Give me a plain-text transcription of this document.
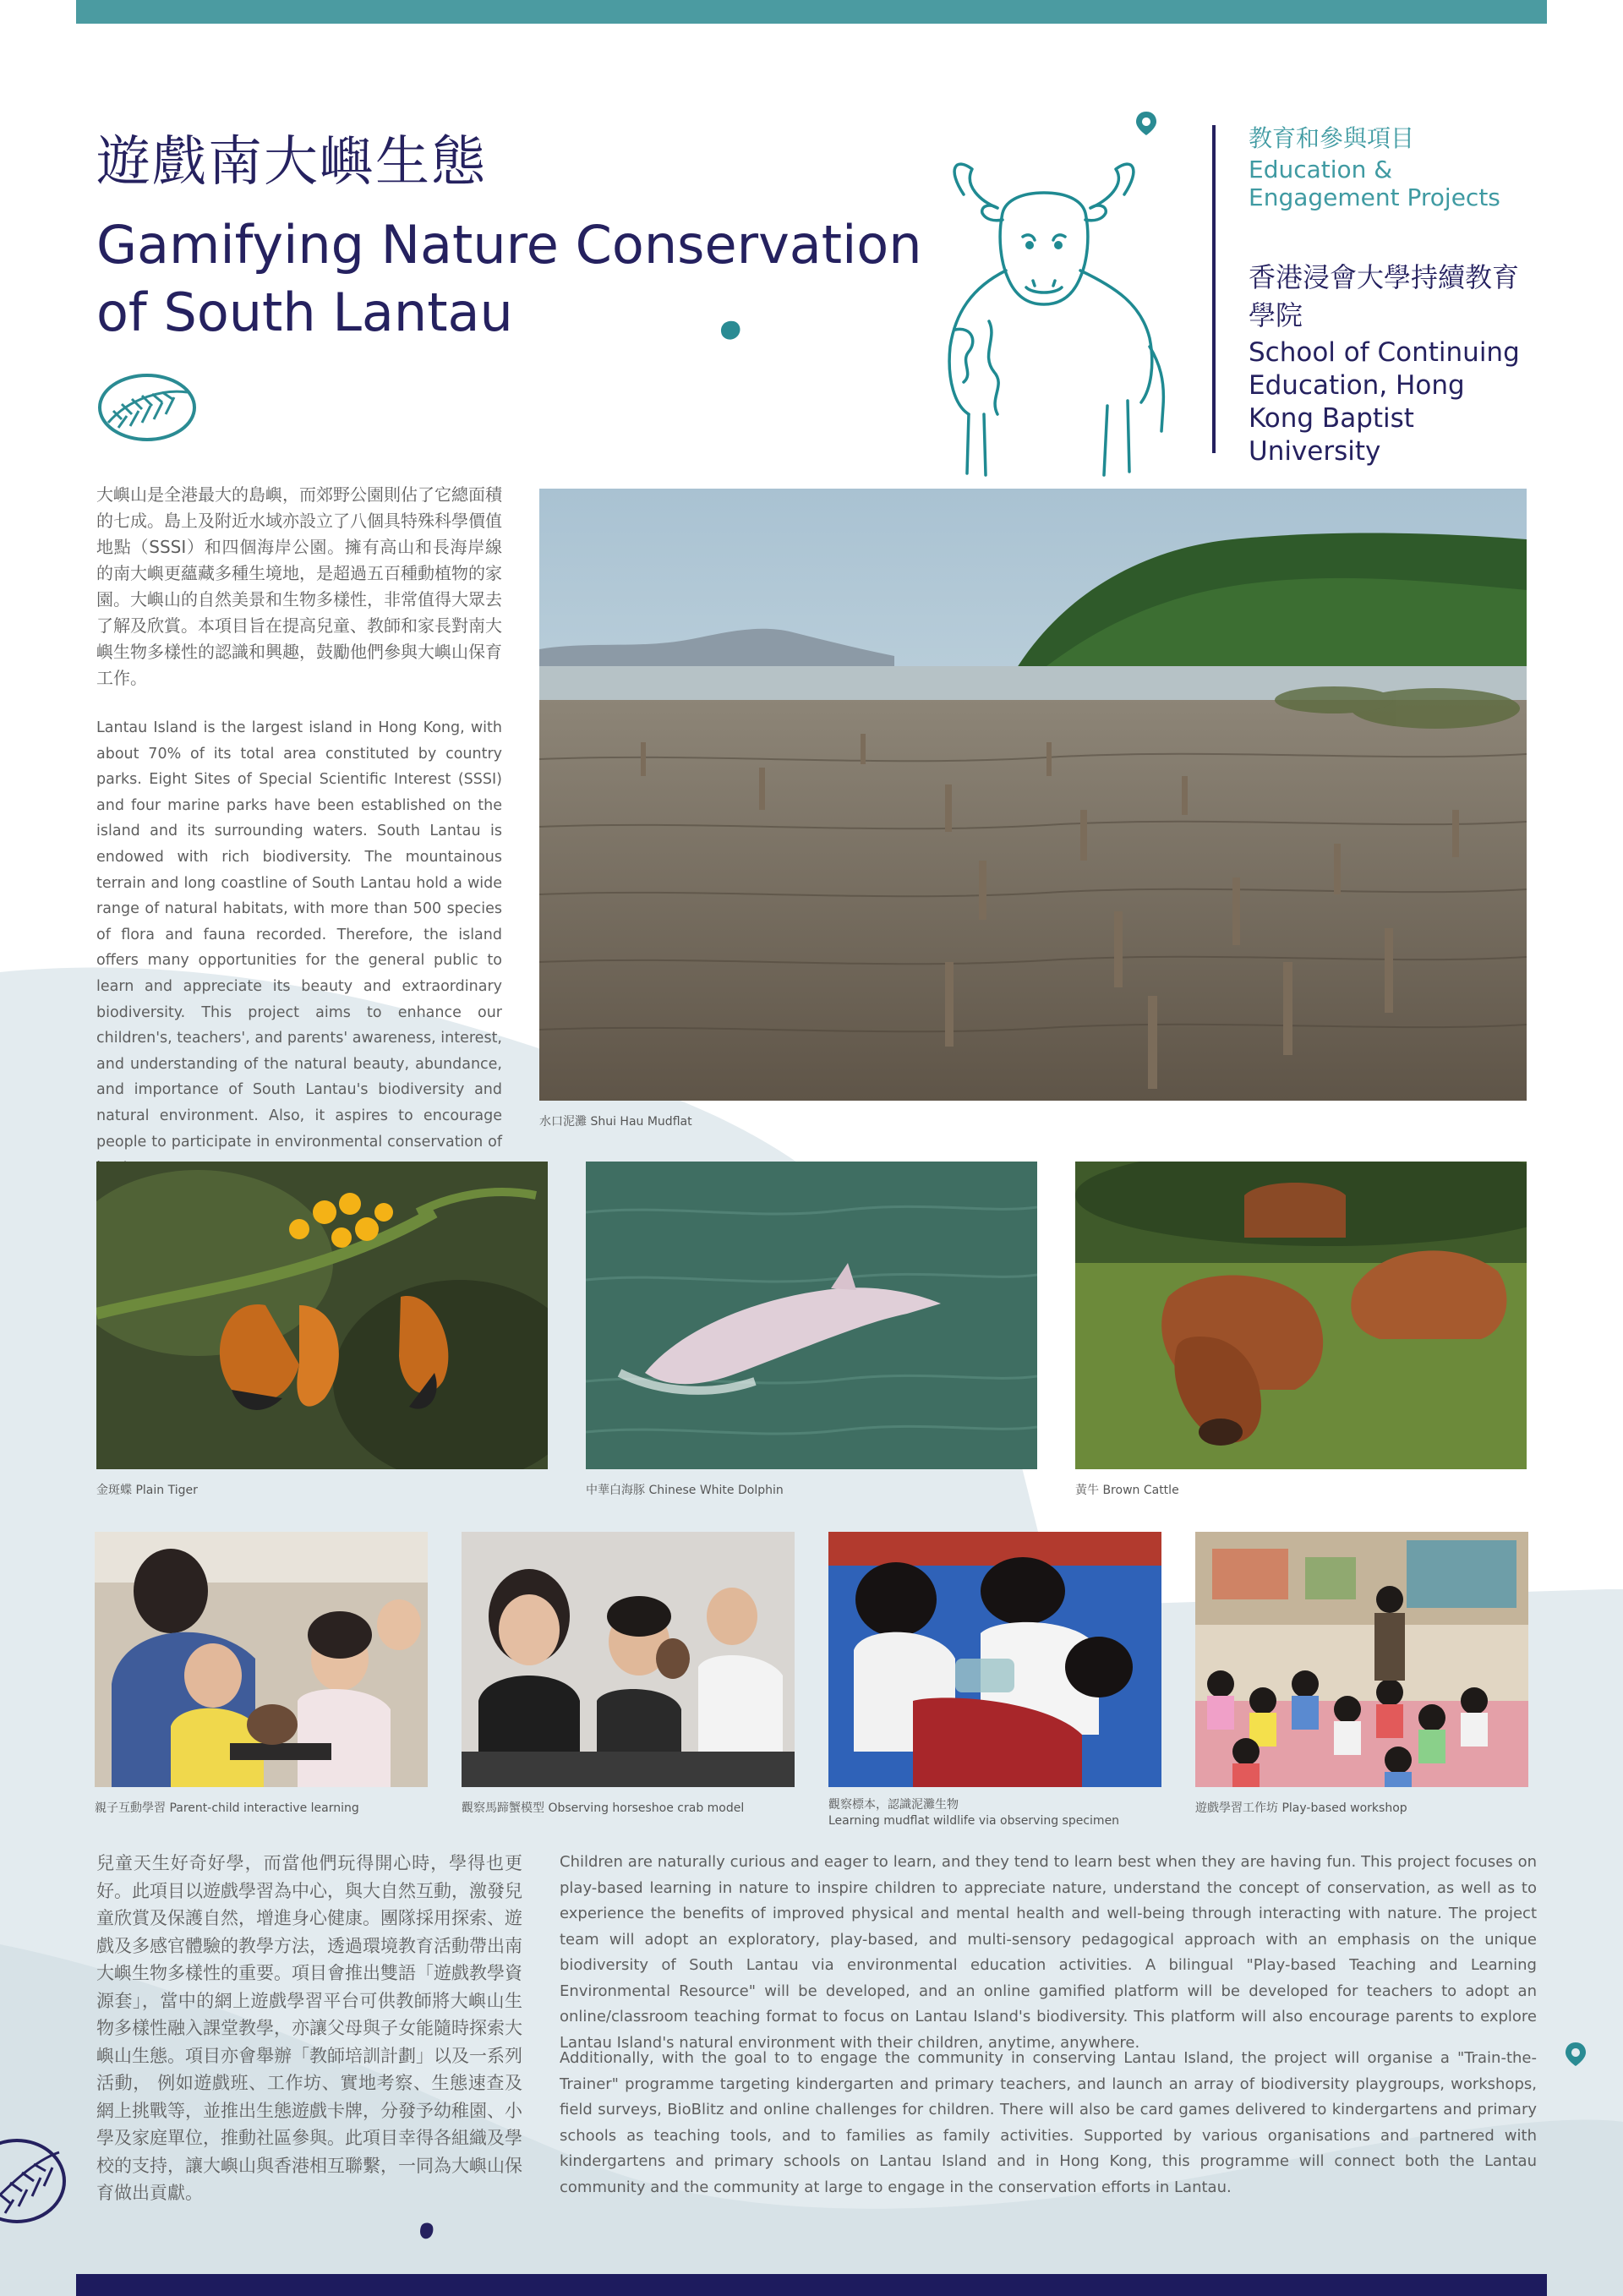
遊戲南大嶼生態
Gamifying Nature Conservation of South Lantau
教育和參與項目
Education & Engagement Projects
香港浸會大學持續教育學院
School of Continuing Education, Hong Kong Baptist University
大嶼山是全港最大的島嶼，而郊野公園則佔了它總面積的七成。島上及附近水域亦設立了八個具特殊科學價值地點（SSSI）和四個海岸公園。擁有高山和長海岸線的南大嶼更蘊藏多種生境地，是超過五百種動植物的家園。大嶼山的自然美景和生物多樣性，非常值得大眾去了解及欣賞。本項目旨在提高兒童、教師和家長對南大嶼生物多樣性的認識和興趣，鼓勵他們參與大嶼山保育工作。
Lantau Island is the largest island in Hong Kong, with about 70% of its total area constituted by country parks. Eight Sites of Special Scientific Interest (SSSI) and four marine parks have been established on the island and its surrounding waters. South Lantau is endowed with rich biodiversity. The mountainous terrain and long coastline of South Lantau hold a wide range of natural habitats, with more than 500 species of flora and fauna recorded. Therefore, the island offers many opportunities for the general public to learn and appreciate its beauty and extraordinary biodiversity. This project aims to enhance our children's, teachers', and parents' awareness, interest, and understanding of the natural beauty, abundance, and importance of South Lantau's biodiversity and natural environment. Also, it aspires to encourage people to participate in environmental conservation of
水口泥灘 Shui Hau Mudflat
金斑蝶 Plain Tiger	中華白海豚 Chinese White Dolphin	黃牛 Brown Cattle
親子互動學習 Parent-child interactive learning	觀察馬蹄蟹模型 Observing horseshoe crab model	觀察標本，認識泥灘生物
Learning mudflat wildlife via observing specimen
遊戲學習工作坊 Play-based workshop
兒童天生好奇好學，而當他們玩得開心時，學得也更好。此項目以遊戲學習為中心，與大自然互動，激發兒童欣賞及保護自然，增進身心健康。團隊採用探索、遊戲及多感官體驗的教學方法，透過環境教育活動帶出南大嶼生物多樣性的重要。項目會推出雙語「遊戲教學資源套」，當中的網上遊戲學習平台可供教師將大嶼山生物多樣性融入課堂教學，亦讓父母與子女能隨時探索大嶼山生態。項目亦會舉辦「教師培訓計劃」以及一系列活動， 例如遊戲班、工作坊、實地考察、生態速查及網上挑戰等，並推出生態遊戲卡牌，分發予幼稚園、小學及家庭單位，推動社區參與。此項目幸得各組織及學校的支持，讓大嶼山與香港相互聯繫，一同為大嶼山保育做出貢獻。
Children are naturally curious and eager to learn, and they tend to learn best when they are having fun. This project focuses on play-based learning in nature to inspire children to appreciate nature, understand the concept of conservation, as well as to experience the benefits of improved physical and mental health and well-being through interacting with nature. The project team will adopt an exploratory, play-based, and multi-sensory pedagogical approach with an emphasis on the unique biodiversity of South Lantau via environmental education activities. A bilingual "Play-based Teaching and Learning Environmental Resource" will be developed, and an online gamified platform will be developed for teachers to adopt an online/classroom teaching format to focus on Lantau Island's biodiversity. This platform will also encourage parents to explore Lantau Island's natural environment with their children, anytime, anywhere.
Additionally, with the goal to to engage the community in conserving Lantau Island, the project will organise a "Train-the-Trainer" programme targeting kindergarten and primary teachers, and launch an array of biodiversity playgroups, workshops, field surveys, BioBlitz and online challenges for children. There will also be card games delivered to kindergartens and primary schools as teaching tools, and to families as family activities. Supported by various organisations and partnered with kindergartens and primary schools on Lantau Island and in Hong Kong, this programme will connect both the Lantau community and the community at large to engage in the conservation efforts in Lantau.
